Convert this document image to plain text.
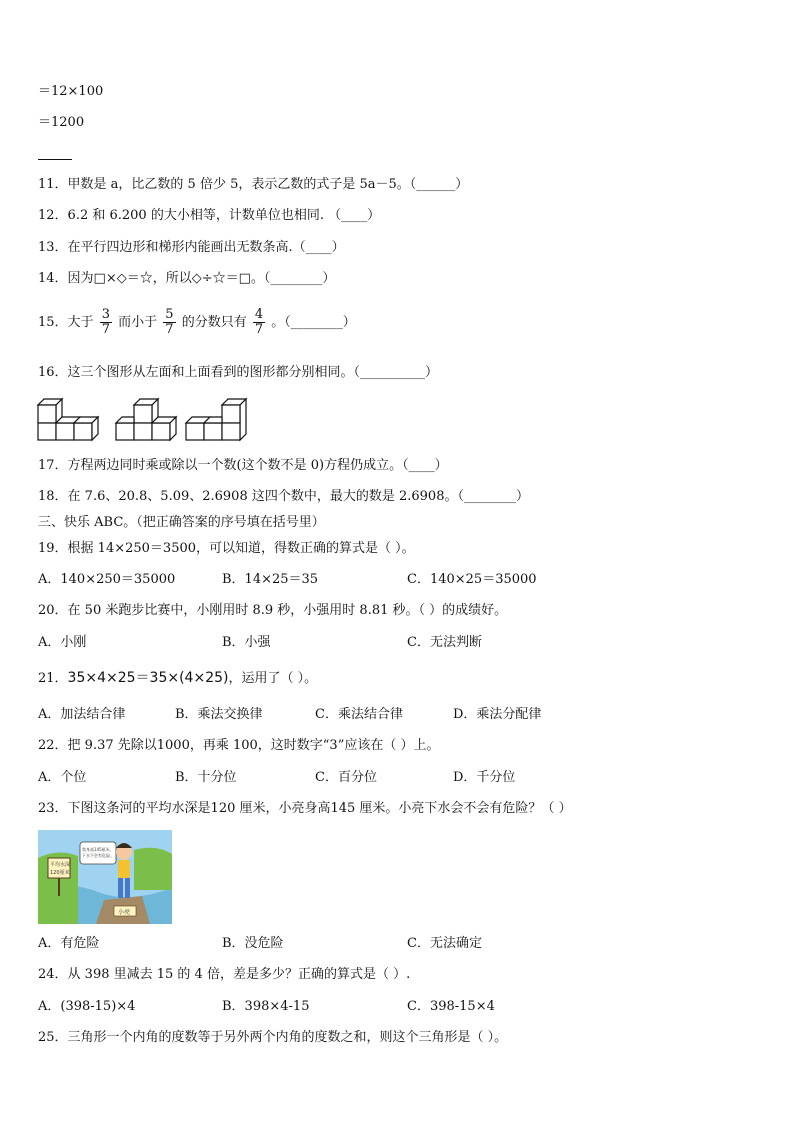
＝12×100
＝1200
11．甲数是 a，比乙数的 5 倍少 5，表示乙数的式子是 5a－5。（______）
12．6.2 和 6.200 的大小相等，计数单位也相同. （____）
13．在平行四边形和梯形内能画出无数条高.（____）
14．因为□×◇＝☆，所以◇÷☆＝□。（________）
15．大于 $\frac{3}{7}$ 而小于 $\frac{5}{7}$ 的分数只有 $\frac{4}{7}$ 。（________）
16．这三个图形从左面和上面看到的图形都分别相同。（__________）
17．方程两边同时乘或除以一个数(这个数不是 0)方程仍成立。（____）
18．在 7.6、20.8、5.09、2.6908 这四个数中，最大的数是 2.6908。（________）
三、快乐 ABC。（把正确答案的序号填在括号里）
19．根据 14×250＝3500，可以知道，得数正确的算式是（ ）。
A．140×250＝35000	B．14×25＝35	C．140×25＝35000
20．在 50 米跑步比赛中，小刚用时 8.9 秒，小强用时 8.81 秒。（ ）的成绩好。
A．小刚	B．小强	C．无法判断
21．35×4×25＝35×(4×25)，运用了（ ）。
A．加法结合律	B．乘法交换律	C．乘法结合律	D．乘法分配律
22．把 9.37 先除以1000，再乘 100，这时数字“3”应该在（ ）上。
A．个位	B．十分位	C．百分位	D．千分位
23．下图这条河的平均水深是120 厘米，小亮身高145 厘米。小亮下水会不会有危险？（ ）
平均水深 120厘米
我身高145厘米，下水不会有危险。
小亮
A．有危险	B．没危险	C．无法确定
24．从 398 里减去 15 的 4 倍，差是多少？正确的算式是（ ）.
A．(398-15)×4	B．398×4-15	C．398-15×4
25．三角形一个内角的度数等于另外两个内角的度数之和，则这个三角形是（ ）。
